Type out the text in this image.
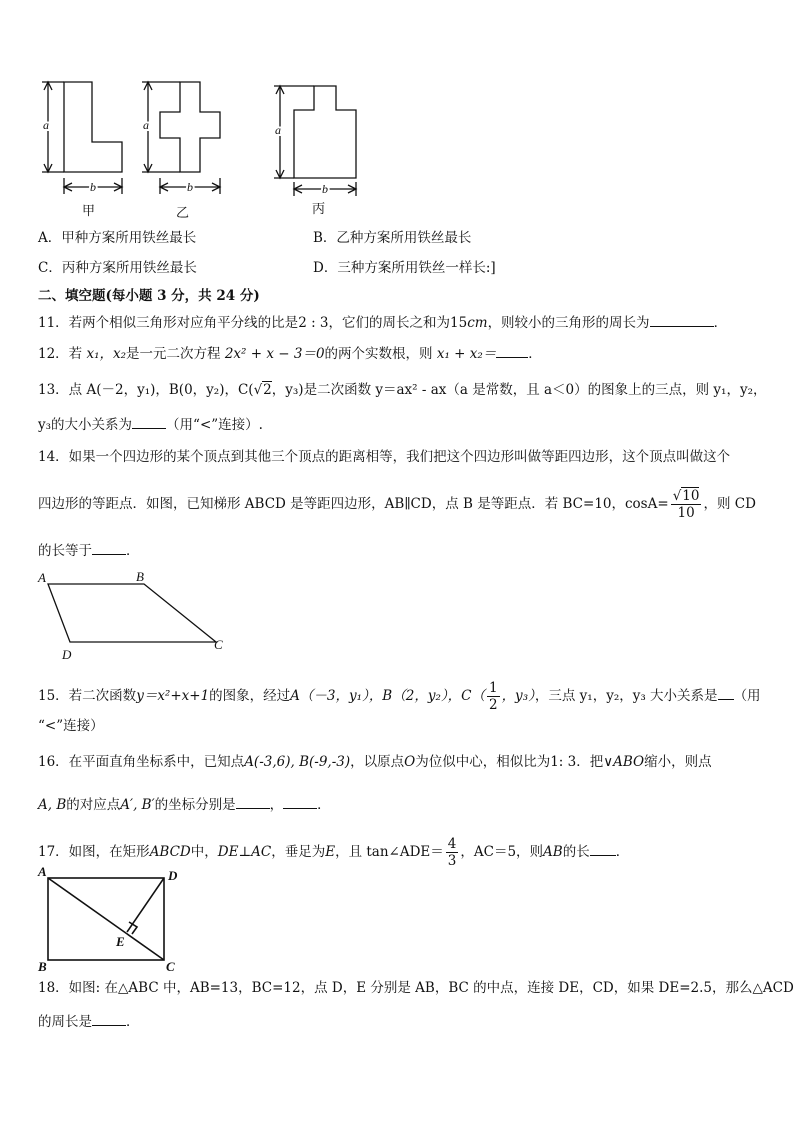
a
b
a
b
a
b
甲	乙	丙
A．甲种方案所用铁丝最长	B．乙种方案所用铁丝最长
C．丙种方案所用铁丝最长	D．三种方案所用铁丝一样长:]
二、填空题(每小题 3 分，共 24 分)
11．若两个相似三角形对应角平分线的比是2 : 3，它们的周长之和为15cm，则较小的三角形的周长为	．
12．若 x₁，x₂是一元二次方程 2x² + x − 3＝0的两个实数根，则 x₁ + x₂＝ ．
13．点 A(－2，y₁)，B(0，y₂)，C(√2，y₃)是二次函数 y＝ax² - ax（a 是常数，且 a＜0）的图象上的三点，则 y₁，y₂，
y₃的大小关系为	（用“<”连接）.
14．如果一个四边形的某个顶点到其他三个顶点的距离相等，我们把这个四边形叫做等距四边形，这个顶点叫做这个
四边形的等距点．如图，已知梯形 ABCD 是等距四边形，AB∥CD，点 B 是等距点．若 BC=10，$\cos A= \frac{√10}{10}$ ，则 CD
的长等于	．
A	B
C
D
15．若二次函数y＝x²+x+1的图象，经过A（－3，y₁），B（2，y₂），$C( \frac{1}{2}$ ，y₃），三点 y₁，y₂，y₃ 大小关系是 （用
“<”连接）
16．在平面直角坐标系中，已知点A(-3,6), B(-9,-3)，以原点O为位似中心，相似比为1: 3．把∨ABO缩小，则点
A, B的对应点A′, B′的坐标分别是	，	．
17．如图，在矩形ABCD中，DE⊥AC，垂足为E，且 tan∠ADE＝ $\frac{4}{3}$ ，AC＝5，则AB的长 ．
A	D
E
B	C
18．如图: 在△ABC 中，AB=13，BC=12，点 D，E 分别是 AB，BC 的中点，连接 DE，CD，如果 DE=2.5，那么△ACD
的周长是	．
